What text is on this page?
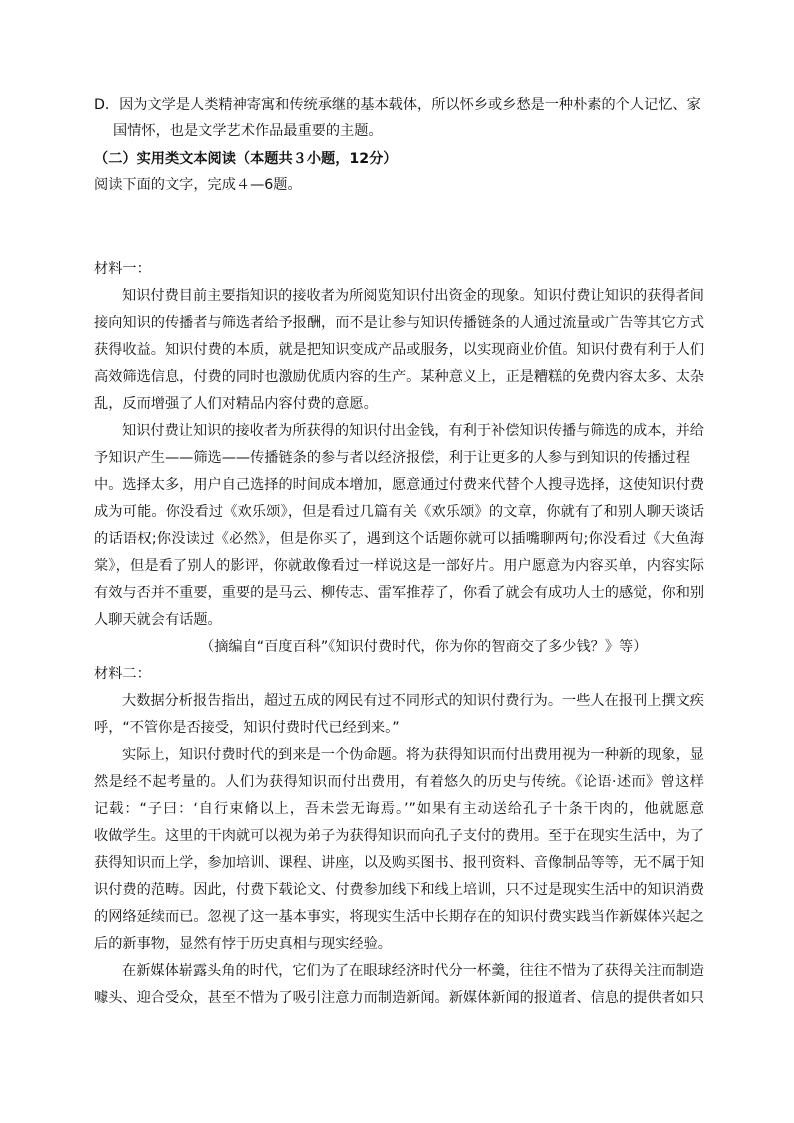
D．因为文学是人类精神寄寓和传统承继的基本载体，所以怀乡或乡愁是一种朴素的个人记忆、家
国情怀，也是文学艺术作品最重要的主题。
（二）实用类文本阅读（本题共３小题，12分）
阅读下面的文字，完成４—6题。
材料一：
知识付费目前主要指知识的接收者为所阅览知识付出资金的现象。知识付费让知识的获得者间
接向知识的传播者与筛选者给予报酬，而不是让参与知识传播链条的人通过流量或广告等其它方式
获得收益。知识付费的本质，就是把知识变成产品或服务，以实现商业价值。知识付费有利于人们
高效筛选信息，付费的同时也激励优质内容的生产。某种意义上，正是糟糕的免费内容太多、太杂
乱，反而增强了人们对精品内容付费的意愿。
知识付费让知识的接收者为所获得的知识付出金钱，有利于补偿知识传播与筛选的成本，并给
予知识产生——筛选——传播链条的参与者以经济报偿，利于让更多的人参与到知识的传播过程
中。选择太多，用户自己选择的时间成本增加，愿意通过付费来代替个人搜寻选择，这使知识付费
成为可能。你没看过《欢乐颂》，但是看过几篇有关《欢乐颂》的文章，你就有了和别人聊天谈话
的话语权;你没读过《必然》，但是你买了，遇到这个话题你就可以插嘴聊两句;你没看过《大鱼海
棠》，但是看了别人的影评，你就敢像看过一样说这是一部好片。用户愿意为内容买单，内容实际
有效与否并不重要，重要的是马云、柳传志、雷军推荐了，你看了就会有成功人士的感觉，你和别
人聊天就会有话题。
（摘编自“百度百科”《知识付费时代，你为你的智商交了多少钱？》等）
材料二：
大数据分析报告指出，超过五成的网民有过不同形式的知识付费行为。一些人在报刊上撰文疾
呼，“不管你是否接受，知识付费时代已经到来。”
实际上，知识付费时代的到来是一个伪命题。将为获得知识而付出费用视为一种新的现象，显
然是经不起考量的。人们为获得知识而付出费用，有着悠久的历史与传统。《论语·述而》曾这样
记载：“子曰：‘自行束脩以上，吾未尝无诲焉。’”如果有主动送给孔子十条干肉的，他就愿意
收做学生。这里的干肉就可以视为弟子为获得知识而向孔子支付的费用。至于在现实生活中，为了
获得知识而上学，参加培训、课程、讲座，以及购买图书、报刊资料、音像制品等等，无不属于知
识付费的范畴。因此，付费下载论文、付费参加线下和线上培训，只不过是现实生活中的知识消费
的网络延续而已。忽视了这一基本事实，将现实生活中长期存在的知识付费实践当作新媒体兴起之
后的新事物，显然有悖于历史真相与现实经验。
在新媒体崭露头角的时代，它们为了在眼球经济时代分一杯羹，往往不惜为了获得关注而制造
噱头、迎合受众，甚至不惜为了吸引注意力而制造新闻。新媒体新闻的报道者、信息的提供者如只
